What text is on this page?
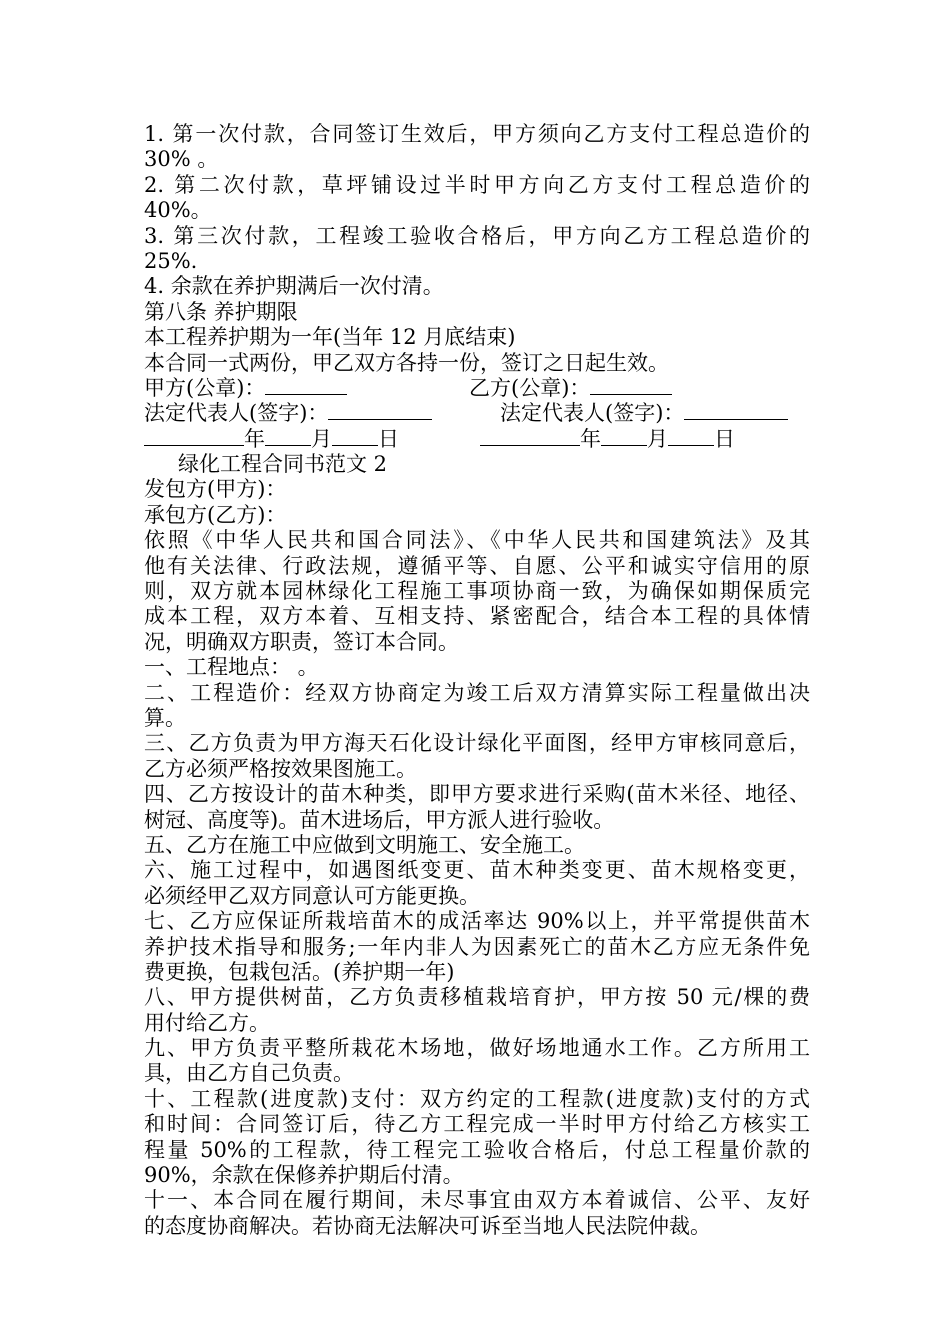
1. 第一次付款，合同签订生效后，甲方须向乙方支付工程总造价的
30% 。
2. 第二次付款，草坪铺设过半时甲方向乙方支付工程总造价的
40%。
3. 第三次付款，工程竣工验收合格后，甲方向乙方工程总造价的
25%.
4. 余款在养护期满后一次付清。
第八条 养护期限
本工程养护期为一年(当年 12 月底结束)
本合同一式两份，甲乙双方各持一份，签订之日起生效。
甲方(公章)：	乙方(公章)：
法定代表人(签字)：	法定代表人(签字)：
年 月 日	年 月 日
绿化工程合同书范文 2
发包方(甲方)：
承包方(乙方)：
依照《中华人民共和国合同法》、《中华人民共和国建筑法》及其
他有关法律、行政法规，遵循平等、自愿、公平和诚实守信用的原
则，双方就本园林绿化工程施工事项协商一致，为确保如期保质完
成本工程，双方本着、互相支持、紧密配合，结合本工程的具体情
况，明确双方职责，签订本合同。
一、工程地点： 。
二、工程造价：经双方协商定为竣工后双方清算实际工程量做出决
算。
三、乙方负责为甲方海天石化设计绿化平面图，经甲方审核同意后，
乙方必须严格按效果图施工。
四、乙方按设计的苗木种类，即甲方要求进行采购(苗木米径、地径、
树冠、高度等)。苗木进场后，甲方派人进行验收。
五、乙方在施工中应做到文明施工、安全施工。
六、施工过程中，如遇图纸变更、苗木种类变更、苗木规格变更，
必须经甲乙双方同意认可方能更换。
七、乙方应保证所栽培苗木的成活率达 90%以上，并平常提供苗木
养护技术指导和服务;一年内非人为因素死亡的苗木乙方应无条件免
费更换，包栽包活。(养护期一年)
八、甲方提供树苗，乙方负责移植栽培育护，甲方按 50 元/棵的费
用付给乙方。
九、甲方负责平整所栽花木场地，做好场地通水工作。乙方所用工
具，由乙方自己负责。
十、工程款(进度款)支付：双方约定的工程款(进度款)支付的方式
和时间：合同签订后，待乙方工程完成一半时甲方付给乙方核实工
程量 50%的工程款，待工程完工验收合格后，付总工程量价款的
90%，余款在保修养护期后付清。
十一、本合同在履行期间，未尽事宜由双方本着诚信、公平、友好
的态度协商解决。若协商无法解决可诉至当地人民法院仲裁。
